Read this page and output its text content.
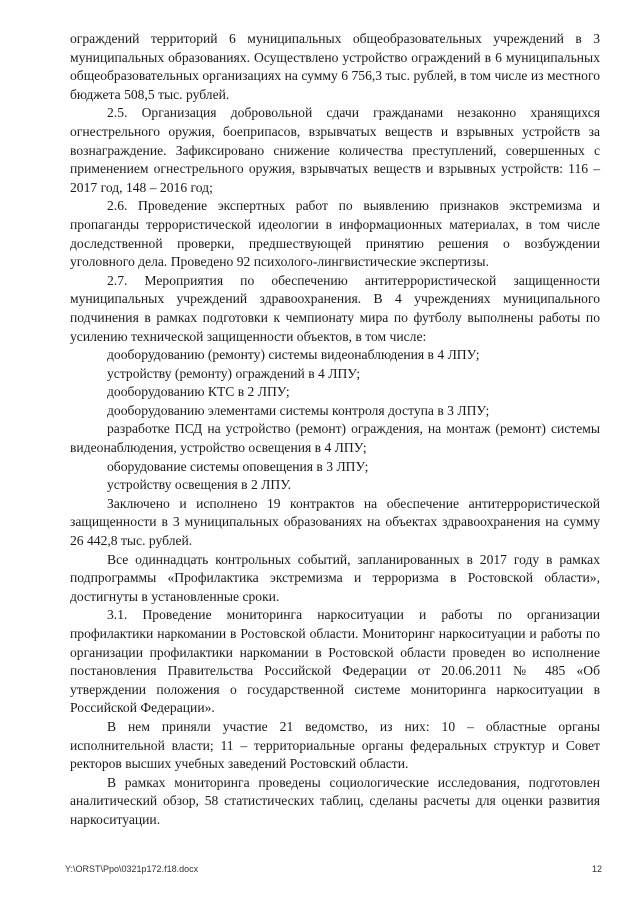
ограждений территорий 6 муниципальных общеобразовательных учреждений в 3 муниципальных образованиях. Осуществлено устройство ограждений в 6 муниципальных общеобразовательных организациях на сумму 6 756,3 тыс. рублей, в том числе из местного бюджета 508,5 тыс. рублей.

2.5. Организация добровольной сдачи гражданами незаконно хранящихся огнестрельного оружия, боеприпасов, взрывчатых веществ и взрывных устройств за вознаграждение. Зафиксировано снижение количества преступлений, совершенных с применением огнестрельного оружия, взрывчатых веществ и взрывных устройств: 116 – 2017 год, 148 – 2016 год;

2.6. Проведение экспертных работ по выявлению признаков экстремизма и пропаганды террористической идеологии в информационных материалах, в том числе доследственной проверки, предшествующей принятию решения о возбуждении уголовного дела. Проведено 92 психолого-лингвистические экспертизы.

2.7. Мероприятия по обеспечению антитеррористической защищенности муниципальных учреждений здравоохранения. В 4 учреждениях муниципального подчинения в рамках подготовки к чемпионату мира по футболу выполнены работы по усилению технической защищенности объектов, в том числе:

дооборудованию (ремонту) системы видеонаблюдения в 4 ЛПУ;

устройству (ремонту) ограждений в 4 ЛПУ;

дооборудованию КТС в 2 ЛПУ;

дооборудованию элементами системы контроля доступа в 3 ЛПУ;

разработке ПСД на устройство (ремонт) ограждения, на монтаж (ремонт) системы видеонаблюдения, устройство освещения в 4 ЛПУ;

оборудование системы оповещения в 3 ЛПУ;

устройству освещения в 2 ЛПУ.

Заключено и исполнено 19 контрактов на обеспечение антитеррористической защищенности в 3 муниципальных образованиях на объектах здравоохранения на сумму 26 442,8 тыс. рублей.

Все одиннадцать контрольных событий, запланированных в 2017 году в рамках подпрограммы «Профилактика экстремизма и терроризма в Ростовской области», достигнуты в установленные сроки.

3.1. Проведение мониторинга наркоситуации и работы по организации профилактики наркомании в Ростовской области. Мониторинг наркоситуации и работы по организации профилактики наркомании в Ростовской области проведен во исполнение постановления Правительства Российской Федерации от 20.06.2011 № 485 «Об утверждении положения о государственной системе мониторинга наркоситуации в Российской Федерации».

В нем приняли участие 21 ведомство, из них: 10 – областные органы исполнительной власти; 11 – территориальные органы федеральных структур и Совет ректоров высших учебных заведений Ростовский области.

В рамках мониторинга проведены социологические исследования, подготовлен аналитический обзор, 58 статистических таблиц, сделаны расчеты для оценки развития наркоситуации.

Y:\ORST\Ppo\0321p172.f18.docx	12
